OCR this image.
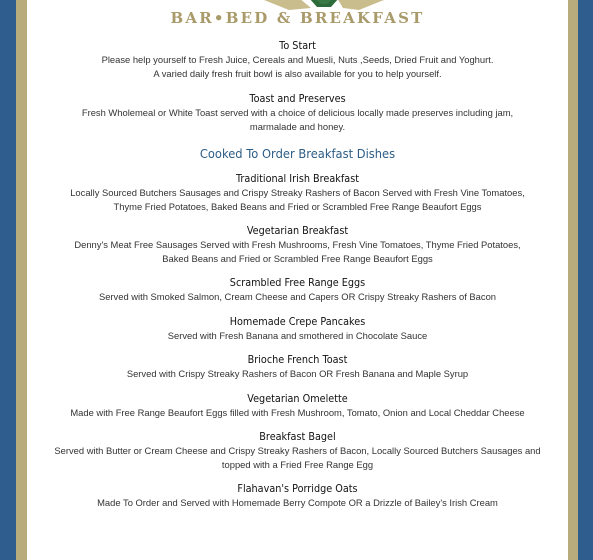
BAR•BED & BREAKFAST
To Start
Please help yourself to Fresh Juice, Cereals and Muesli, Nuts ,Seeds, Dried Fruit and Yoghurt.
A varied daily fresh fruit bowl is also available for you to help yourself.
Toast and Preserves
Fresh Wholemeal or White Toast served with a choice of delicious locally made preserves including jam,
marmalade and honey.
Cooked To Order Breakfast Dishes
Traditional Irish Breakfast
Locally Sourced Butchers Sausages and Crispy Streaky Rashers of Bacon Served with Fresh Vine Tomatoes,
Thyme Fried Potatoes, Baked Beans and Fried or Scrambled Free Range Beaufort Eggs
Vegetarian Breakfast
Denny's Meat Free Sausages Served with Fresh Mushrooms, Fresh Vine Tomatoes, Thyme Fried Potatoes,
Baked Beans and Fried or Scrambled Free Range Beaufort Eggs
Scrambled Free Range Eggs
Served with Smoked Salmon, Cream Cheese and Capers OR Crispy Streaky Rashers of Bacon
Homemade Crepe Pancakes
Served with Fresh Banana and smothered in Chocolate Sauce
Brioche French Toast
Served with Crispy Streaky Rashers of Bacon OR Fresh Banana and Maple Syrup
Vegetarian Omelette
Made with Free Range Beaufort Eggs filled with Fresh Mushroom, Tomato, Onion and Local Cheddar Cheese
Breakfast Bagel
Served with Butter or Cream Cheese and Crispy Streaky Rashers of Bacon, Locally Sourced Butchers Sausages and
topped with a Fried Free Range Egg
Flahavan's Porridge Oats
Made To Order and Served with Homemade Berry Compote OR a Drizzle of Bailey's Irish Cream
